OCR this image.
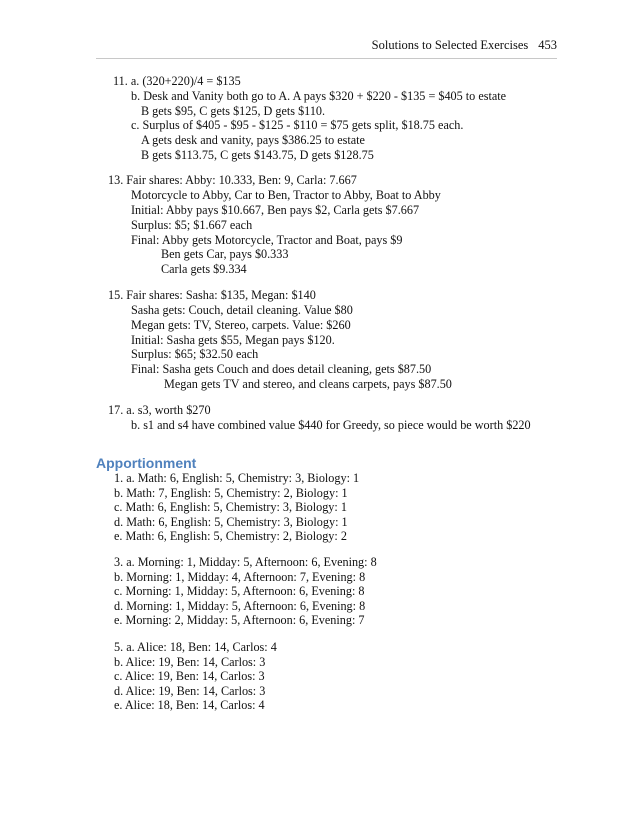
Solutions to Selected Exercises 453
11. a. (320+220)/4 = $135
b. Desk and Vanity both go to A. A pays $320 + $220 - $135 = $405 to estate
B gets $95, C gets $125, D gets $110.
c. Surplus of $405 - $95 - $125 - $110 = $75 gets split, $18.75 each.
A gets desk and vanity, pays $386.25 to estate
B gets $113.75, C gets $143.75, D gets $128.75
13. Fair shares: Abby: 10.333, Ben: 9, Carla: 7.667
Motorcycle to Abby, Car to Ben, Tractor to Abby, Boat to Abby
Initial: Abby pays $10.667, Ben pays $2, Carla gets $7.667
Surplus: $5; $1.667 each
Final: Abby gets Motorcycle, Tractor and Boat, pays $9
Ben gets Car, pays $0.333
Carla gets $9.334
15. Fair shares: Sasha: $135, Megan: $140
Sasha gets: Couch, detail cleaning. Value $80
Megan gets: TV, Stereo, carpets. Value: $260
Initial: Sasha gets $55, Megan pays $120.
Surplus: $65; $32.50 each
Final: Sasha gets Couch and does detail cleaning, gets $87.50
Megan gets TV and stereo, and cleans carpets, pays $87.50
17. a. s3, worth $270
b. s1 and s4 have combined value $440 for Greedy, so piece would be worth $220
Apportionment
1. a. Math: 6, English: 5, Chemistry: 3, Biology: 1
b. Math: 7, English: 5, Chemistry: 2, Biology: 1
c. Math: 6, English: 5, Chemistry: 3, Biology: 1
d. Math: 6, English: 5, Chemistry: 3, Biology: 1
e. Math: 6, English: 5, Chemistry: 2, Biology: 2
3. a. Morning: 1, Midday: 5, Afternoon: 6, Evening: 8
b. Morning: 1, Midday: 4, Afternoon: 7, Evening: 8
c. Morning: 1, Midday: 5, Afternoon: 6, Evening: 8
d. Morning: 1, Midday: 5, Afternoon: 6, Evening: 8
e. Morning: 2, Midday: 5, Afternoon: 6, Evening: 7
5. a. Alice: 18, Ben: 14, Carlos: 4
b. Alice: 19, Ben: 14, Carlos: 3
c. Alice: 19, Ben: 14, Carlos: 3
d. Alice: 19, Ben: 14, Carlos: 3
e. Alice: 18, Ben: 14, Carlos: 4
